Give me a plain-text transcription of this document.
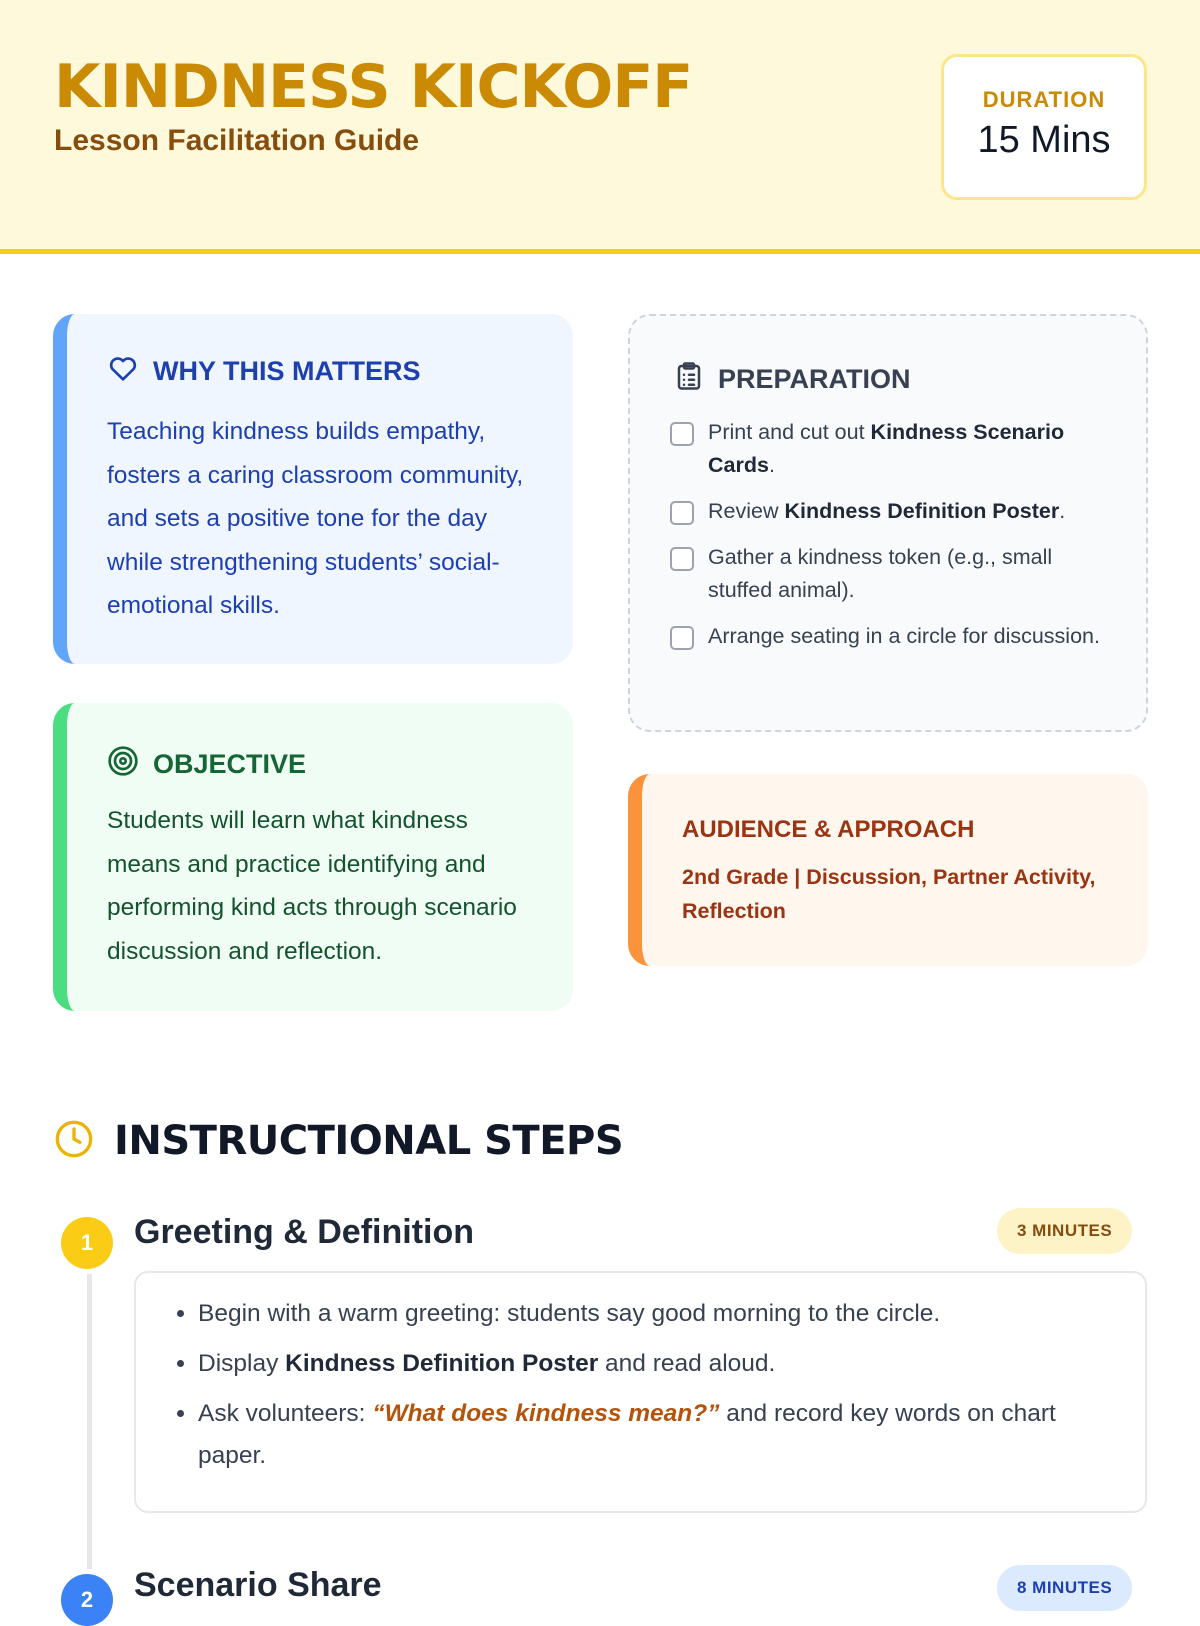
KINDNESS KICKOFF

Lesson Facilitation Guide

DURATION
15 Mins
WHY THIS MATTERS

Teaching kindness builds empathy, fosters a caring classroom community, and sets a positive tone for the day while strengthening students’ social-emotional skills.

OBJECTIVE

Students will learn what kindness means and practice identifying and performing kind acts through scenario discussion and reflection.

PREPARATION
Print and cut out Kindness Scenario Cards.
Review Kindness Definition Poster.
Gather a kindness token (e.g., small stuffed animal).
Arrange seating in a circle for discussion.
AUDIENCE & APPROACH

2nd Grade | Discussion, Partner Activity, Reflection

INSTRUCTIONAL STEPS
1	Greeting & Definition	3 MINUTES
• Begin with a warm greeting: students say good morning to the circle.
• Display Kindness Definition Poster and read aloud.
• Ask volunteers: “What does kindness mean?” and record key words on chart paper.
2	Scenario Share	8 MINUTES
